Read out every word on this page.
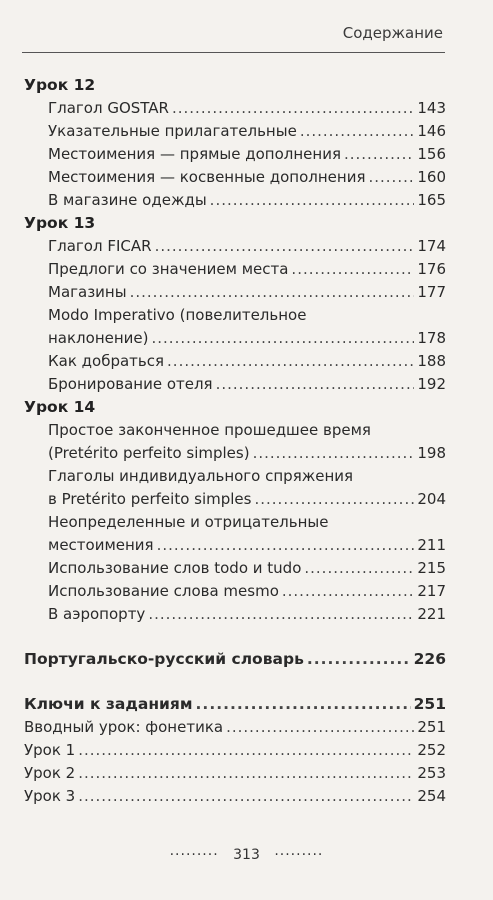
Содержание
Урок 12
Глагол GOSTAR .....	143
Указательные прилагательные .....	146
Местоимения — прямые дополнения .....	156
Местоимения — косвенные дополнения .....	160
В магазине одежды .....	165
Урок 13
Глагол FICAR .....	174
Предлоги со значением места .....	176
Магазины .....	177
Modo Imperativo (повелительное
наклонение) .....	178
Как добраться .....	188
Бронирование отеля .....	192
Урок 14
Простое законченное прошедшее время
(Pretérito perfeito simples) .....	198
Глаголы индивидуального спряжения
в Pretérito perfeito simples .....	204
Неопределенные и отрицательные
местоимения .....	211
Использование слов todo и tudo .....	215
Использование слова mesmo .....	217
В аэропорту .....	221
Португальско-русский словарь .....	226
Ключи к заданиям .....	251
Вводный урок: фонетика .....	251
Урок 1 .....	252
Урок 2 .....	253
Урок 3 .....	254
········· 313 ·········
